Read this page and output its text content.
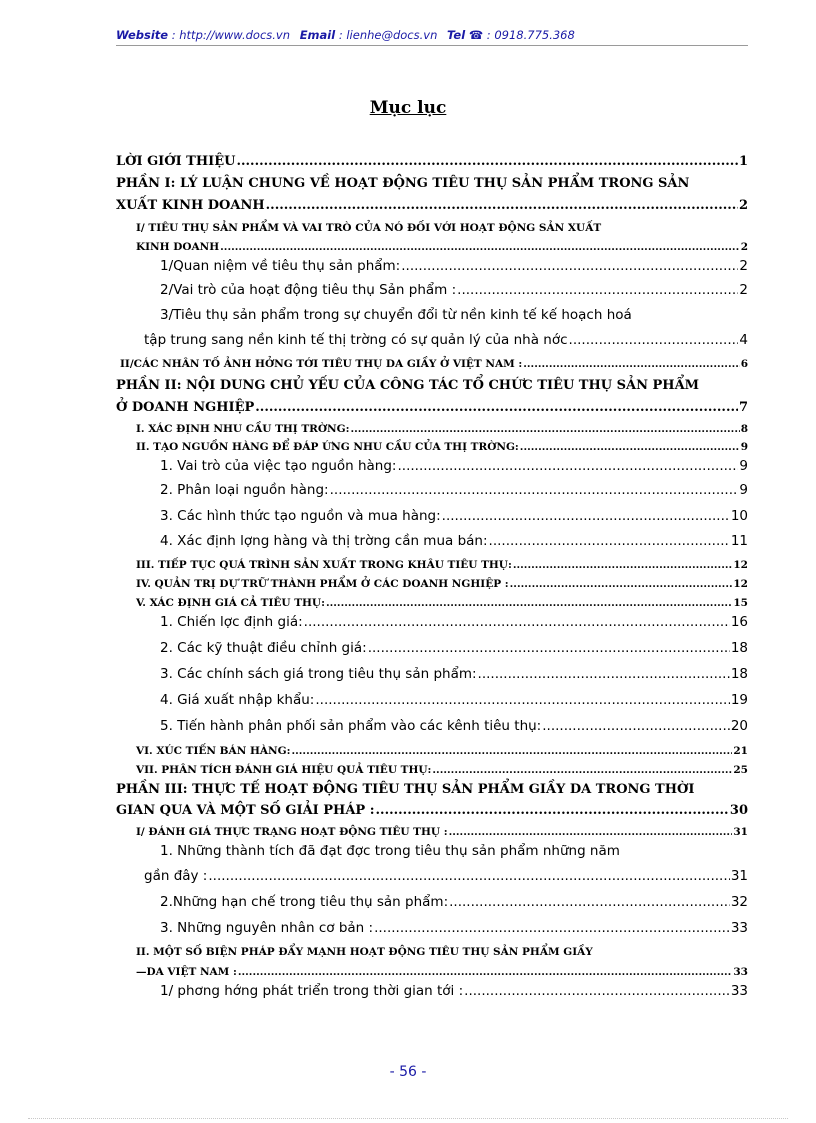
Website : http://www.docs.vn Email : lienhe@docs.vn Tel ☎ : 0918.775.368
Mục lục
LỜI GIỚI THIỆU .....	1
PHẦN I: LÝ LUẬN CHUNG VỀ HOẠT ĐỘNG TIÊU THỤ SẢN PHẨM TRONG SẢN
XUẤT KINH DOANH .....	2
I/ TIÊU THỤ SẢN PHẨM VÀ VAI TRÒ CỦA NÓ ĐỐI VỚI HOẠT ĐỘNG SẢN XUẤT
KINH DOANH .....	2
1/Quan niệm về tiêu thụ sản phẩm: .....	2
2/Vai trò của hoạt động tiêu thụ Sản phẩm : .....	2
3/Tiêu thụ sản phẩm trong sự chuyển đổi từ nền kinh tế kế hoạch hoá
tập trung sang nền kinh tế thị trờng có sự quản lý của nhà nớc .....	4
II/CÁC NHÂN TỐ ẢNH HỞNG TỚI TIÊU THỤ DA GIẦY Ở VIỆT NAM : .....	6
PHẦN II: NỘI DUNG CHỦ YẾU CỦA CÔNG TÁC TỔ CHỨC TIÊU THỤ SẢN PHẨM
Ở DOANH NGHIỆP .....	7
I. XÁC ĐỊNH NHU CẦU THỊ TRỜNG: .....	8
II. TẠO NGUỒN HÀNG ĐỂ ĐÁP ỨNG NHU CẦU CỦA THỊ TRỜNG: .....	9
1. Vai trò của việc tạo nguồn hàng: .....	9
2. Phân loại nguồn hàng: .....	9
3. Các hình thức tạo nguồn và mua hàng: .....	10
4. Xác định lợng hàng và thị trờng cần mua bán: .....	11
III. TIẾP TỤC QUÁ TRÌNH SẢN XUẤT TRONG KHÂU TIÊU THỤ: .....	12
IV. QUẢN TRỊ DỰ TRỮ THÀNH PHẨM Ở CÁC DOANH NGHIỆP : .....	12
V. XÁC ĐỊNH GIÁ CẢ TIÊU THỤ: .....	15
1. Chiến lợc định giá: .....	16
2. Các kỹ thuật điều chỉnh giá: .....	18
3. Các chính sách giá trong tiêu thụ sản phẩm: .....	18
4. Giá xuất nhập khẩu: .....	19
5. Tiến hành phân phối sản phẩm vào các kênh tiêu thụ: .....	20
VI. XÚC TIẾN BÁN HÀNG: .....	21
VII. PHÂN TÍCH ĐÁNH GIÁ HIỆU QUẢ TIÊU THỤ: .....	25
PHẦN III: THỰC TẾ HOẠT ĐỘNG TIÊU THỤ SẢN PHẨM GIẦY DA TRONG THỜI
GIAN QUA VÀ MỘT SỐ GIẢI PHÁP : .....	30
I/ ĐÁNH GIÁ THỰC TRẠNG HOẠT ĐỘNG TIÊU THỤ : .....	31
1. Những thành tích đã đạt đợc trong tiêu thụ sản phẩm những năm
gần đây : .....	31
2.Những hạn chế trong tiêu thụ sản phẩm: .....	32
3. Những nguyên nhân cơ bản : .....	33
II. MỘT SỐ BIỆN PHÁP ĐẨY MẠNH HOẠT ĐỘNG TIÊU THỤ SẢN PHẨM GIẦY
—DA VIỆT NAM : .....	33
1/ phơng hớng phát triển trong thời gian tới : .....	33
- 56 -
